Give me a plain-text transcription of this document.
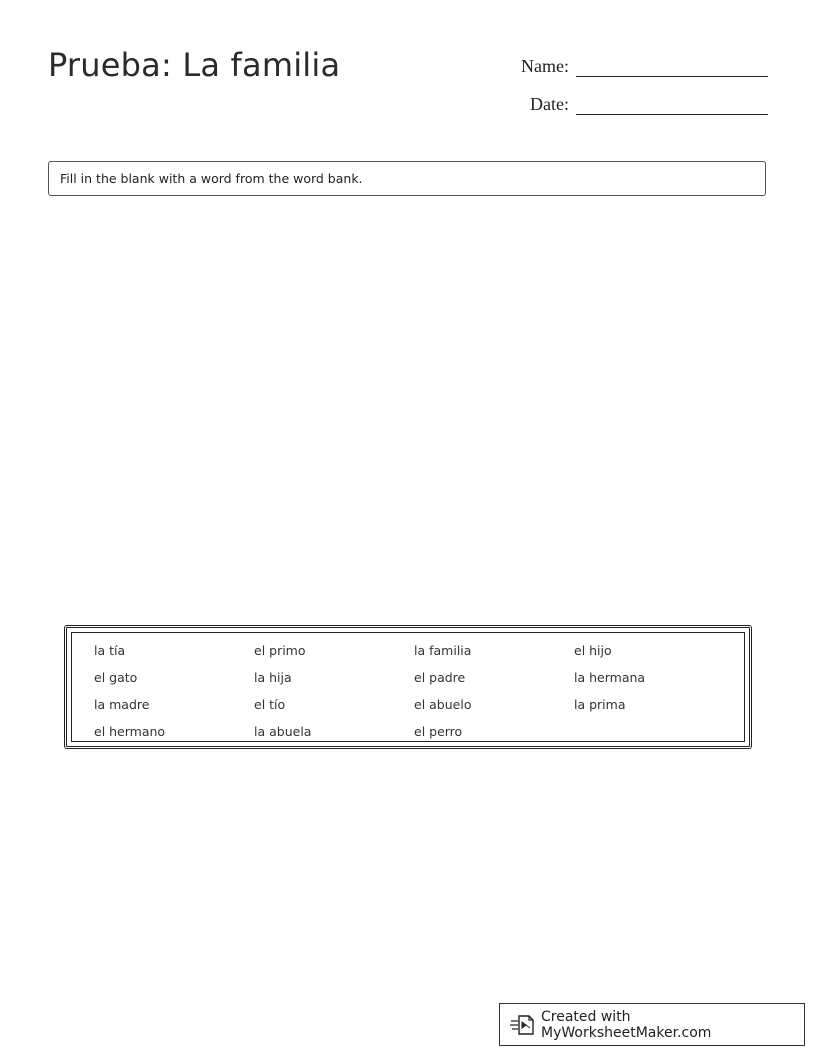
Prueba: La familia	Name:
Date:
Fill in the blank with a word from the word bank.
la tía	el primo	la familia	el hijo
el gato	la hija	el padre	la hermana
la madre	el tío	el abuelo	la prima
el hermano	la abuela	el perro
Created with MyWorksheetMaker.com
